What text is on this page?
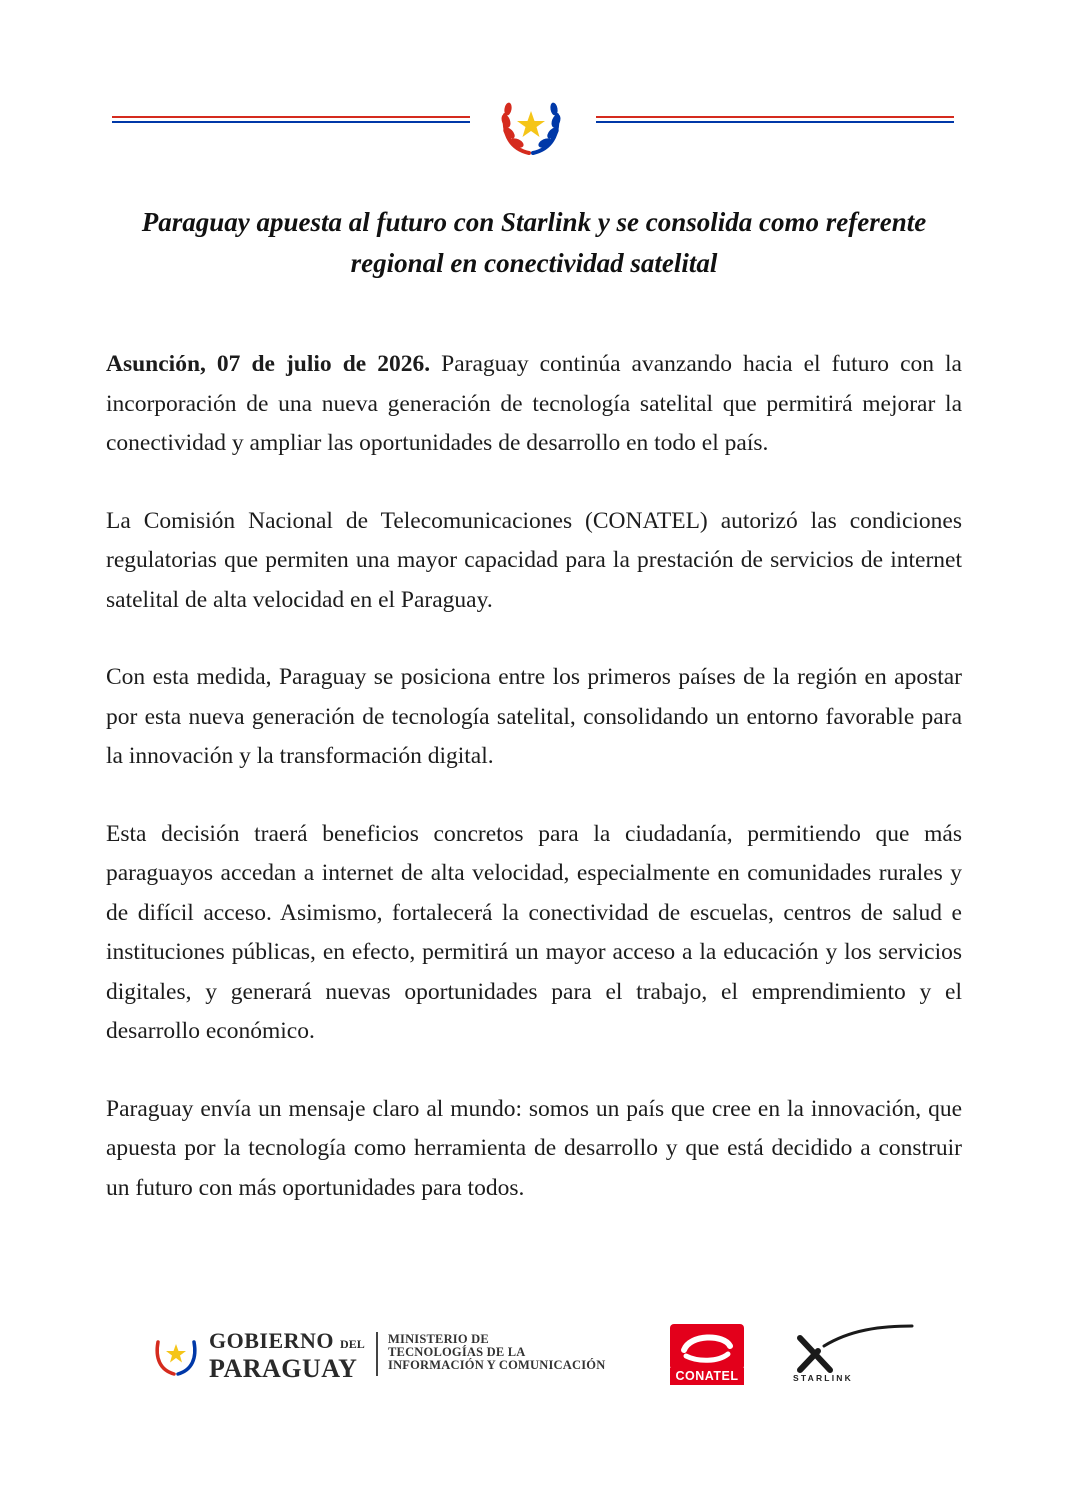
Paraguay apuesta al futuro con Starlink y se consolida como referente regional en conectividad satelital

Asunción, 07 de julio de 2026. Paraguay continúa avanzando hacia el futuro con la incorporación de una nueva generación de tecnología satelital que permitirá mejorar la conectividad y ampliar las oportunidades de desarrollo en todo el país.

La Comisión Nacional de Telecomunicaciones (CONATEL) autorizó las condiciones regulatorias que permiten una mayor capacidad para la prestación de servicios de internet satelital de alta velocidad en el Paraguay.

Con esta medida, Paraguay se posiciona entre los primeros países de la región en apostar por esta nueva generación de tecnología satelital, consolidando un entorno favorable para la innovación y la transformación digital.

Esta decisión traerá beneficios concretos para la ciudadanía, permitiendo que más paraguayos accedan a internet de alta velocidad, especialmente en comunidades rurales y de difícil acceso. Asimismo, fortalecerá la conectividad de escuelas, centros de salud e instituciones públicas, en efecto, permitirá un mayor acceso a la educación y los servicios digitales, y generará nuevas oportunidades para el trabajo, el emprendimiento y el desarrollo económico.

Paraguay envía un mensaje claro al mundo: somos un país que cree en la innovación, que apuesta por la tecnología como herramienta de desarrollo y que está decidido a construir un futuro con más oportunidades para todos.

GOBIERNO DEL
PARAGUAY
MINISTERIO DE
TECNOLOGÍAS DE LA
INFORMACIÓN Y COMUNICACIÓN
CONATEL	STARLINK
